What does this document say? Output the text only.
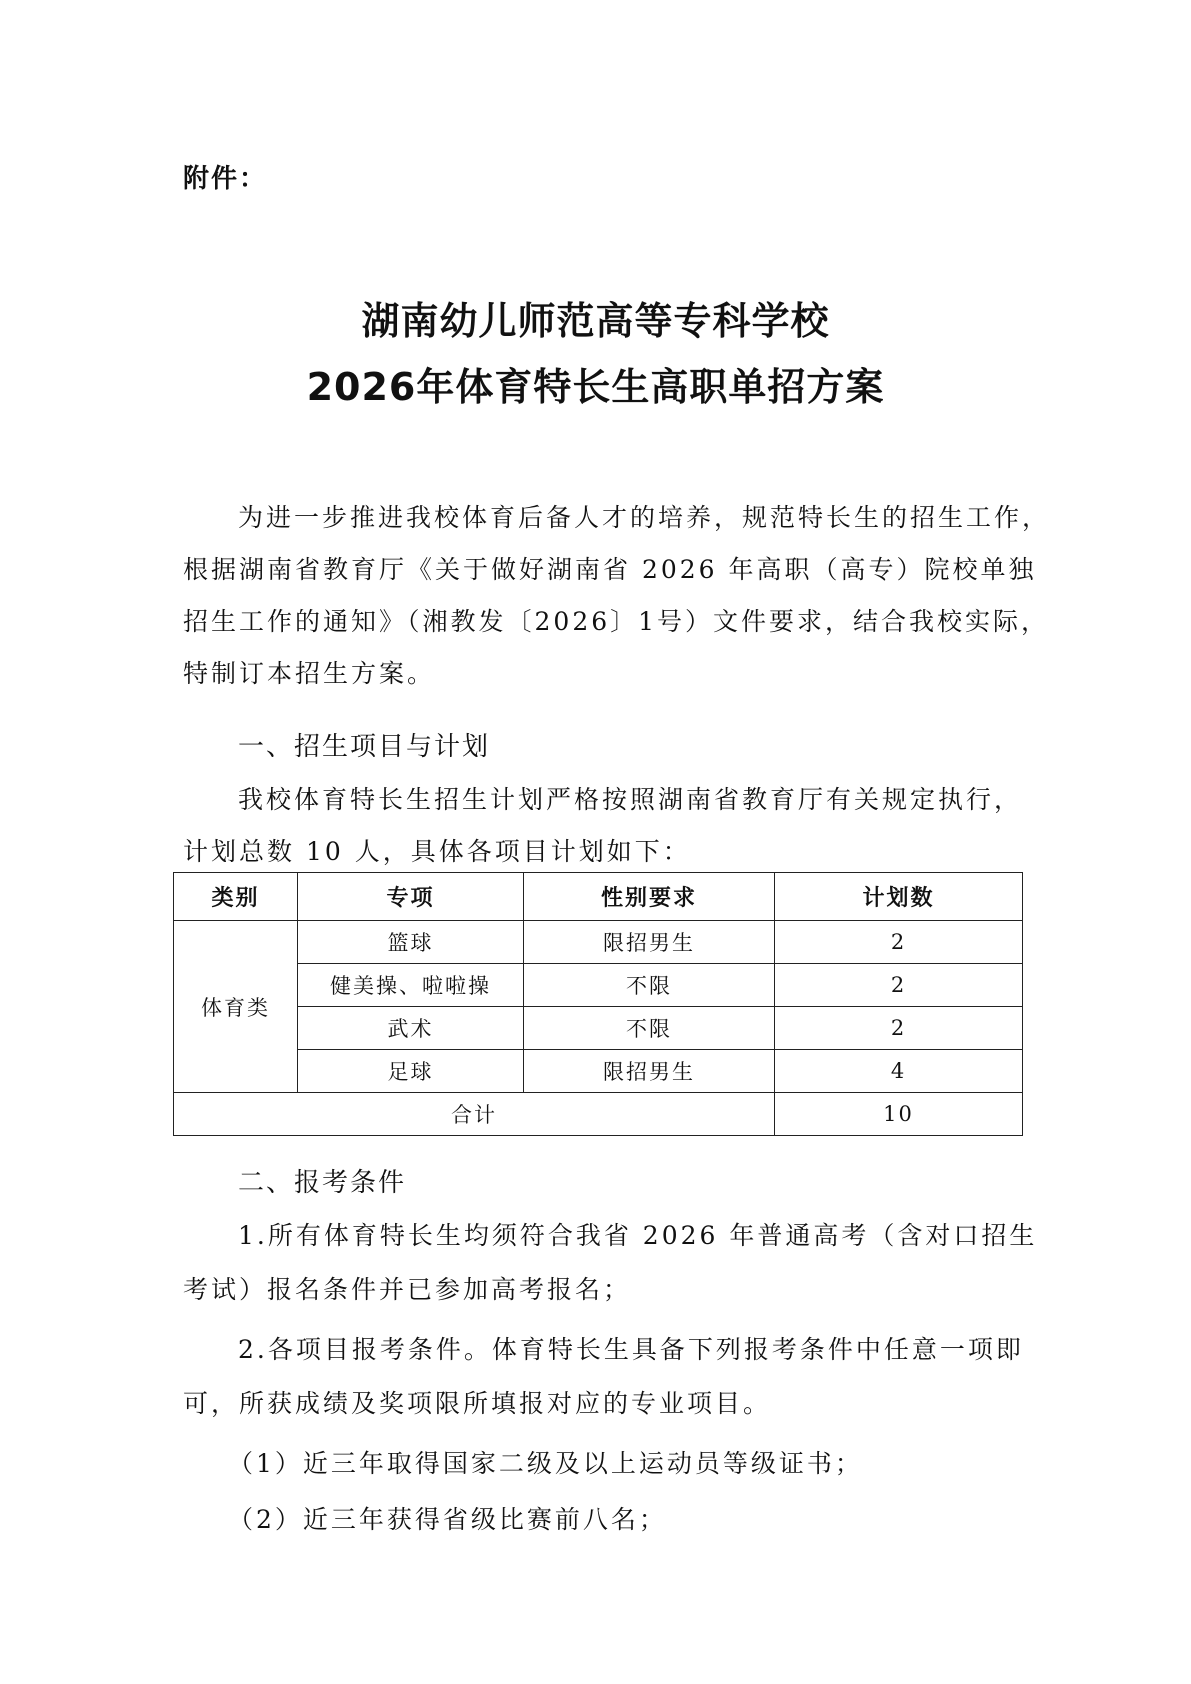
附件：
湖南幼儿师范高等专科学校
2026年体育特长生高职单招方案
为进一步推进我校体育后备人才的培养，规范特长生的招生工作，
根据湖南省教育厅《关于做好湖南省 2026 年高职（高专）院校单独
招生工作的通知》（湘教发〔2026〕1号）文件要求，结合我校实际，
特制订本招生方案。
一、招生项目与计划
我校体育特长生招生计划严格按照湖南省教育厅有关规定执行，
计划总数 10 人，具体各项目计划如下：
类别	专项	性别要求	计划数
体育类	篮球	限招男生	2
	健美操、啦啦操	不限	2
	武术	不限	2
	足球	限招男生	4
合计			10
二、报考条件
1.所有体育特长生均须符合我省 2026 年普通高考（含对口招生
考试）报名条件并已参加高考报名；
2.各项目报考条件。体育特长生具备下列报考条件中任意一项即
可，所获成绩及奖项限所填报对应的专业项目。
（1）近三年取得国家二级及以上运动员等级证书；
（2）近三年获得省级比赛前八名；
